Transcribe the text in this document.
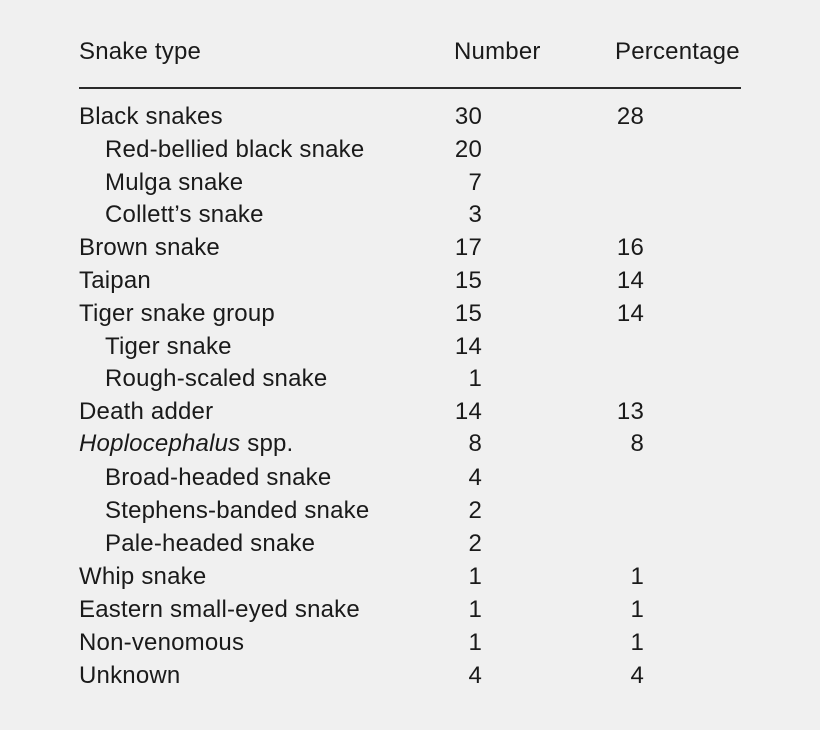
Snake type	Number	Percentage
Black snakes	30	28
Red-bellied black snake	20
Mulga snake	7
Collett’s snake	3
Brown snake	17	16
Taipan	15	14
Tiger snake group	15	14
Tiger snake	14
Rough-scaled snake	1
Death adder	14	13
Hoplocephalus spp.	8	8
Broad-headed snake	4
Stephens-banded snake	2
Pale-headed snake	2
Whip snake	1	1
Eastern small-eyed snake	1	1
Non-venomous	1	1
Unknown	4	4
